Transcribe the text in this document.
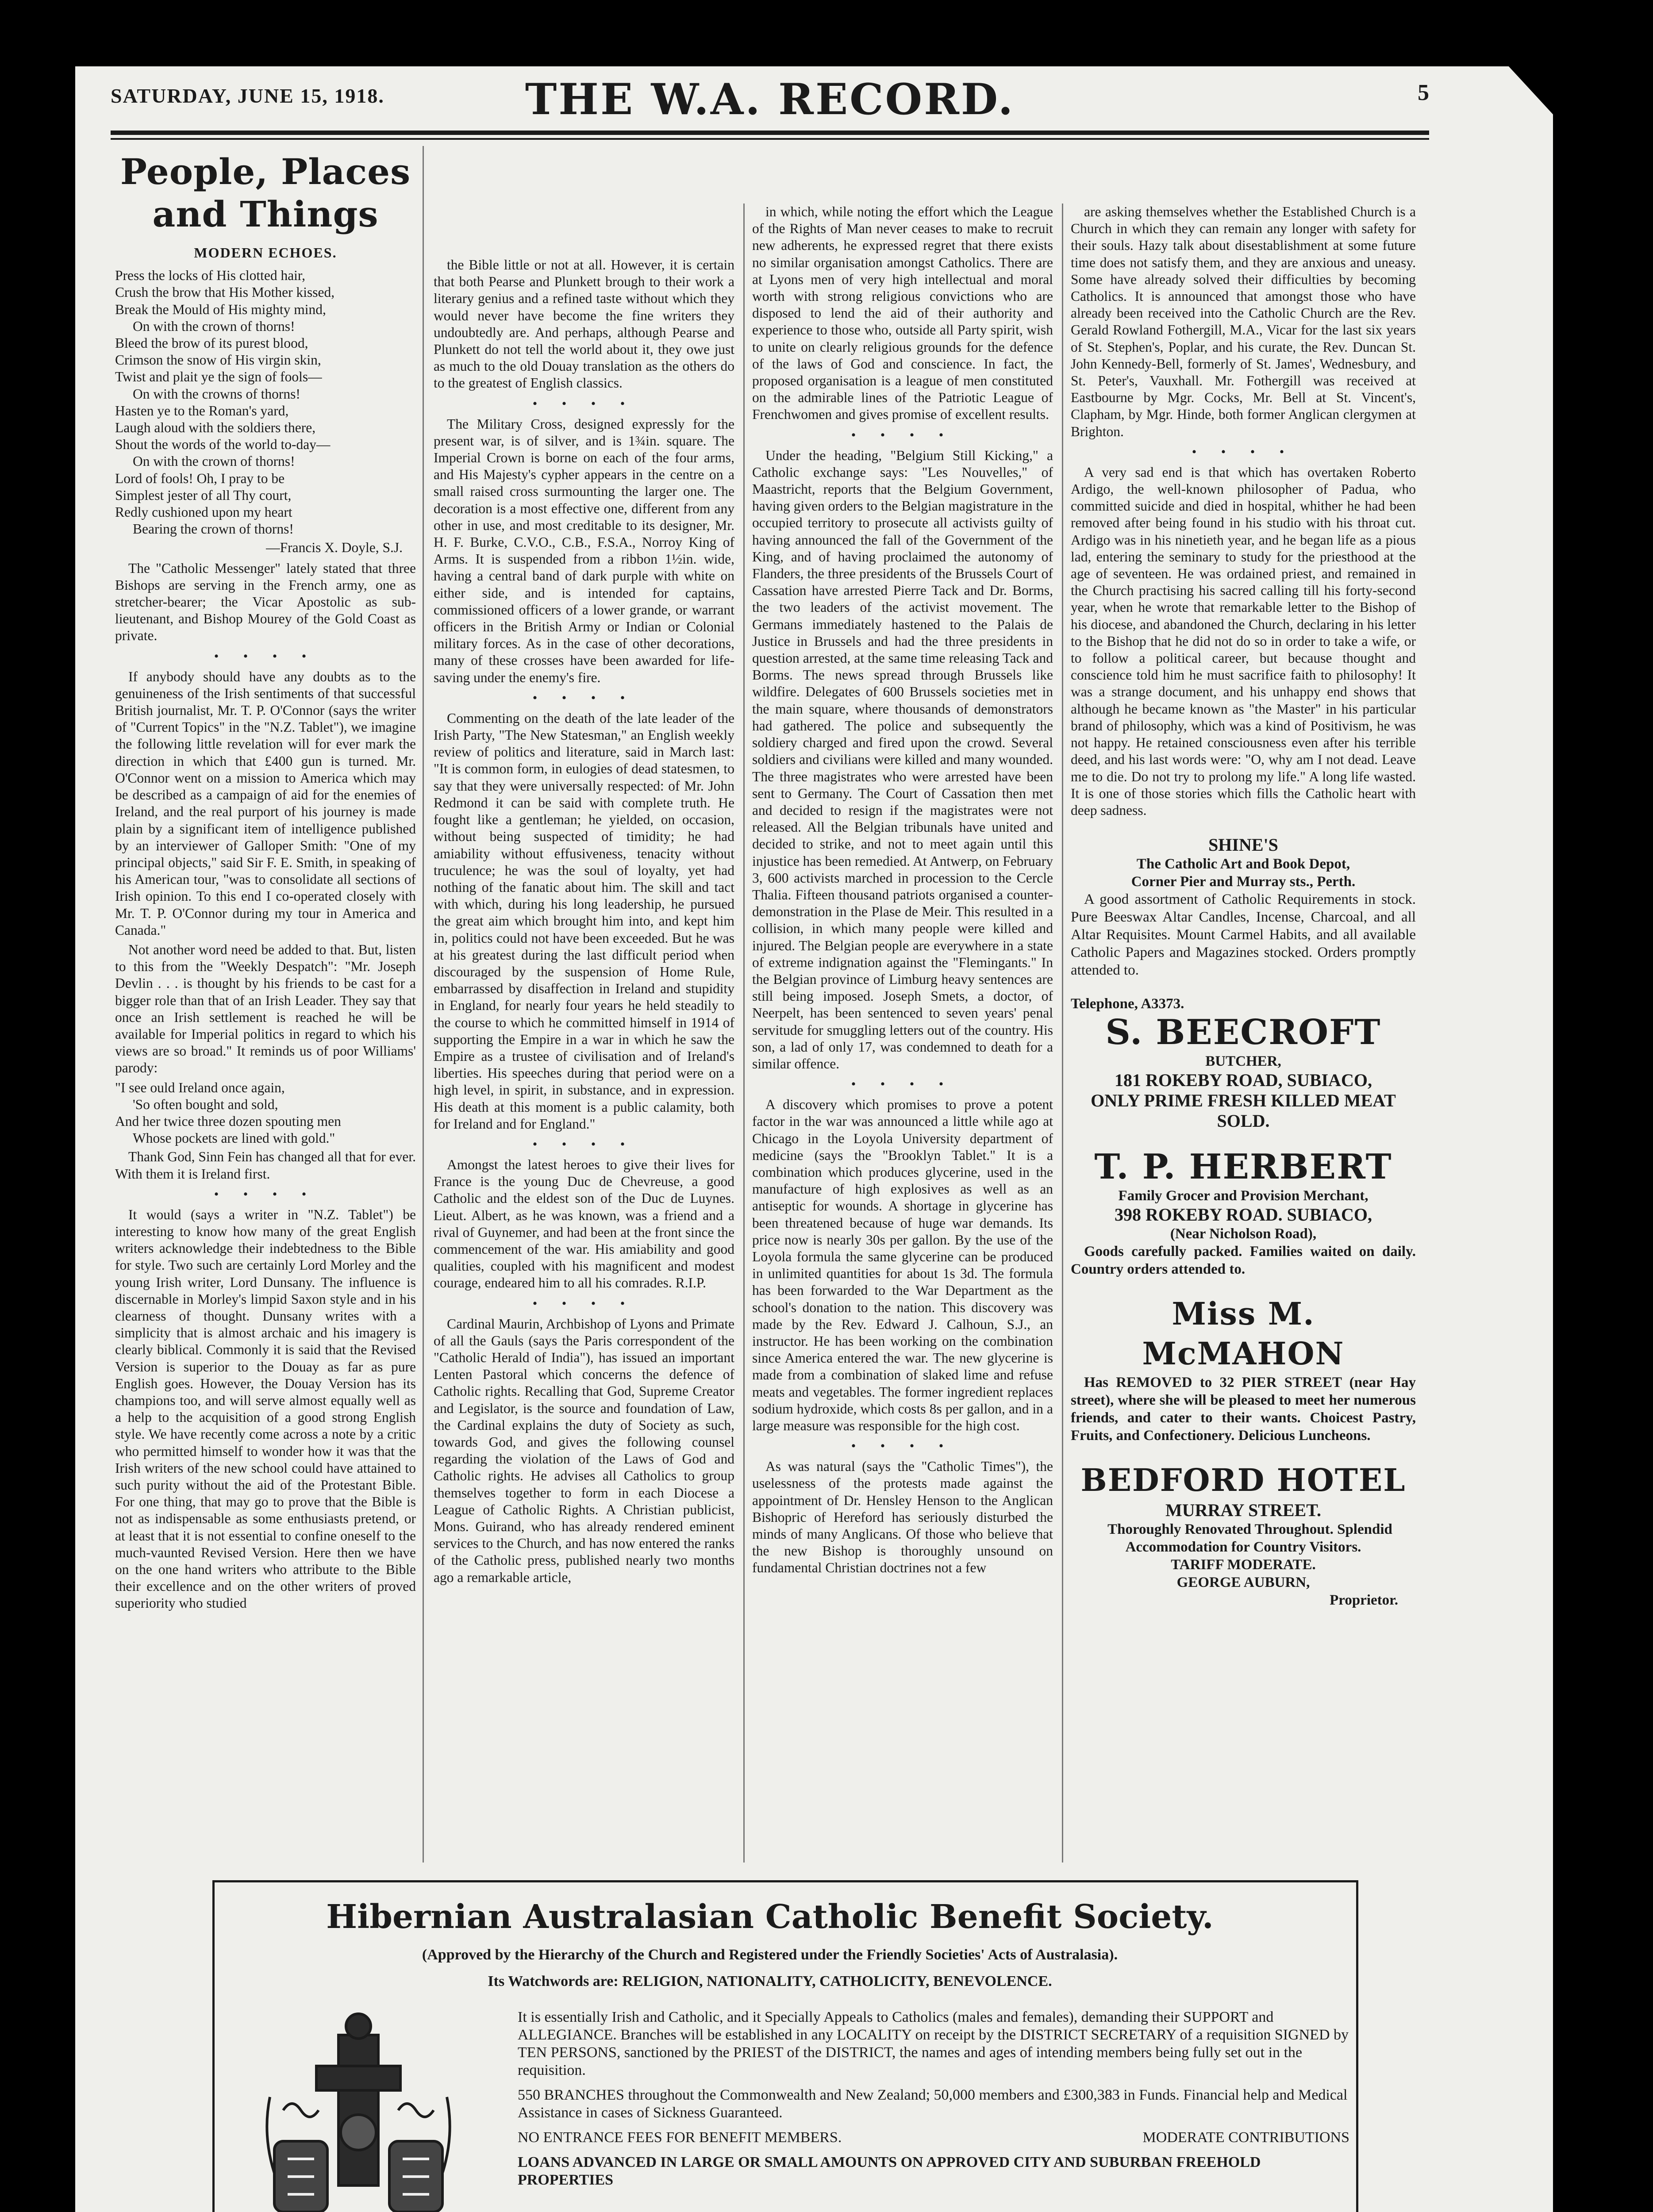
SATURDAY, JUNE 15, 1918.	THE W.A. RECORD.	5
People, Places and Things
MODERN ECHOES.

Press the locks of His clotted hair,
Crush the brow that His Mother kissed,
Break the Mould of His mighty mind,
On with the crown of thorns!
Bleed the brow of its purest blood,
Crimson the snow of His virgin skin,
Twist and plait ye the sign of fools—
On with the crowns of thorns!
Hasten ye to the Roman's yard,
Laugh aloud with the soldiers there,
Shout the words of the world to-day—
On with the crown of thorns!
Lord of fools! Oh, I pray to be
Simplest jester of all Thy court,
Redly cushioned upon my heart
Bearing the crown of thorns!

—Francis X. Doyle, S.J.

The "Catholic Messenger" lately stated that three Bishops are serving in the French army, one as stretcher-bearer; the Vicar Apostolic as sub-lieutenant, and Bishop Mourey of the Gold Coast as private.

• • • •

If anybody should have any doubts as to the genuineness of the Irish sentiments of that successful British journalist, Mr. T. P. O'Connor (says the writer of "Current Topics" in the "N.Z. Tablet"), we imagine the following little revelation will for ever mark the direction in which that £400 gun is turned. Mr. O'Connor went on a mission to America which may be described as a campaign of aid for the enemies of Ireland, and the real purport of his journey is made plain by a significant item of intelligence published by an interviewer of Galloper Smith: "One of my principal objects," said Sir F. E. Smith, in speaking of his American tour, "was to consolidate all sections of Irish opinion. To this end I co-operated closely with Mr. T. P. O'Connor during my tour in America and Canada."

Not another word need be added to that. But, listen to this from the "Weekly Despatch": "Mr. Joseph Devlin . . . is thought by his friends to be cast for a bigger role than that of an Irish Leader. They say that once an Irish settlement is reached he will be available for Imperial politics in regard to which his views are so broad." It reminds us of poor Williams' parody:

"I see ould Ireland once again,
'So often bought and sold,
And her twice three dozen spouting men
Whose pockets are lined with gold."

Thank God, Sinn Fein has changed all that for ever. With them it is Ireland first.

• • • •

It would (says a writer in "N.Z. Tablet") be interesting to know how many of the great English writers acknowledge their indebtedness to the Bible for style. Two such are certainly Lord Morley and the young Irish writer, Lord Dunsany. The influence is discernable in Morley's limpid Saxon style and in his clearness of thought. Dunsany writes with a simplicity that is almost archaic and his imagery is clearly biblical. Commonly it is said that the Revised Version is superior to the Douay as far as pure English goes. However, the Douay Version has its champions too, and will serve almost equally well as a help to the acquisition of a good strong English style. We have recently come across a note by a critic who permitted himself to wonder how it was that the Irish writers of the new school could have attained to such purity without the aid of the Protestant Bible. For one thing, that may go to prove that the Bible is not as indispensable as some enthusiasts pretend, or at least that it is not essential to confine oneself to the much-vaunted Revised Version. Here then we have on the one hand writers who attribute to the Bible their excellence and on the other writers of proved superiority who studied

the Bible little or not at all. However, it is certain that both Pearse and Plunkett brough to their work a literary genius and a refined taste without which they would never have become the fine writers they undoubtedly are. And perhaps, although Pearse and Plunkett do not tell the world about it, they owe just as much to the old Douay translation as the others do to the greatest of English classics.

• • • •

The Military Cross, designed expressly for the present war, is of silver, and is 1¾in. square. The Imperial Crown is borne on each of the four arms, and His Majesty's cypher appears in the centre on a small raised cross surmounting the larger one. The decoration is a most effective one, different from any other in use, and most creditable to its designer, Mr. H. F. Burke, C.V.O., C.B., F.S.A., Norroy King of Arms. It is suspended from a ribbon 1½in. wide, having a central band of dark purple with white on either side, and is intended for captains, commissioned officers of a lower grande, or warrant officers in the British Army or Indian or Colonial military forces. As in the case of other decorations, many of these crosses have been awarded for life-saving under the enemy's fire.

• • • •

Commenting on the death of the late leader of the Irish Party, "The New Statesman," an English weekly review of politics and literature, said in March last: "It is common form, in eulogies of dead statesmen, to say that they were universally respected: of Mr. John Redmond it can be said with complete truth. He fought like a gentleman; he yielded, on occasion, without being suspected of timidity; he had amiability without effusiveness, tenacity without truculence; he was the soul of loyalty, yet had nothing of the fanatic about him. The skill and tact with which, during his long leadership, he pursued the great aim which brought him into, and kept him in, politics could not have been exceeded. But he was at his greatest during the last difficult period when discouraged by the suspension of Home Rule, embarrassed by disaffection in Ireland and stupidity in England, for nearly four years he held steadily to the course to which he committed himself in 1914 of supporting the Empire in a war in which he saw the Empire as a trustee of civilisation and of Ireland's liberties. His speeches during that period were on a high level, in spirit, in substance, and in expression. His death at this moment is a public calamity, both for Ireland and for England."

• • • •

Amongst the latest heroes to give their lives for France is the young Duc de Chevreuse, a good Catholic and the eldest son of the Duc de Luynes. Lieut. Albert, as he was known, was a friend and a rival of Guynemer, and had been at the front since the commencement of the war. His amiability and good qualities, coupled with his magnificent and modest courage, endeared him to all his comrades. R.I.P.

• • • •

Cardinal Maurin, Archbishop of Lyons and Primate of all the Gauls (says the Paris correspondent of the "Catholic Herald of India"), has issued an important Lenten Pastoral which concerns the defence of Catholic rights. Recalling that God, Supreme Creator and Legislator, is the source and foundation of Law, the Cardinal explains the duty of Society as such, towards God, and gives the following counsel regarding the violation of the Laws of God and Catholic rights. He advises all Catholics to group themselves together to form in each Diocese a League of Catholic Rights. A Christian publicist, Mons. Guirand, who has already rendered eminent services to the Church, and has now entered the ranks of the Catholic press, published nearly two months ago a remarkable article,

in which, while noting the effort which the League of the Rights of Man never ceases to make to recruit new adherents, he expressed regret that there exists no similar organisation amongst Catholics. There are at Lyons men of very high intellectual and moral worth with strong religious convictions who are disposed to lend the aid of their authority and experience to those who, outside all Party spirit, wish to unite on clearly religious grounds for the defence of the laws of God and conscience. In fact, the proposed organisation is a league of men constituted on the admirable lines of the Patriotic League of Frenchwomen and gives promise of excellent results.

• • • •

Under the heading, "Belgium Still Kicking," a Catholic exchange says: "Les Nouvelles," of Maastricht, reports that the Belgium Government, having given orders to the Belgian magistrature in the occupied territory to prosecute all activists guilty of having announced the fall of the Government of the King, and of having proclaimed the autonomy of Flanders, the three presidents of the Brussels Court of Cassation have arrested Pierre Tack and Dr. Borms, the two leaders of the activist movement. The Germans immediately hastened to the Palais de Justice in Brussels and had the three presidents in question arrested, at the same time releasing Tack and Borms. The news spread through Brussels like wildfire. Delegates of 600 Brussels societies met in the main square, where thousands of demonstrators had gathered. The police and subsequently the soldiery charged and fired upon the crowd. Several soldiers and civilians were killed and many wounded. The three magistrates who were arrested have been sent to Germany. The Court of Cassation then met and decided to resign if the magistrates were not released. All the Belgian tribunals have united and decided to strike, and not to meet again until this injustice has been remedied. At Antwerp, on February 3, 600 activists marched in procession to the Cercle Thalia. Fifteen thousand patriots organised a counter-demonstration in the Plase de Meir. This resulted in a collision, in which many people were killed and injured. The Belgian people are everywhere in a state of extreme indignation against the "Flemingants." In the Belgian province of Limburg heavy sentences are still being imposed. Joseph Smets, a doctor, of Neerpelt, has been sentenced to seven years' penal servitude for smuggling letters out of the country. His son, a lad of only 17, was condemned to death for a similar offence.

• • • •

A discovery which promises to prove a potent factor in the war was announced a little while ago at Chicago in the Loyola University department of medicine (says the "Brooklyn Tablet." It is a combination which produces glycerine, used in the manufacture of high explosives as well as an antiseptic for wounds. A shortage in glycerine has been threatened because of huge war demands. Its price now is nearly 30s per gallon. By the use of the Loyola formula the same glycerine can be produced in unlimited quantities for about 1s 3d. The formula has been forwarded to the War Department as the school's donation to the nation. This discovery was made by the Rev. Edward J. Calhoun, S.J., an instructor. He has been working on the combination since America entered the war. The new glycerine is made from a combination of slaked lime and refuse meats and vegetables. The former ingredient replaces sodium hydroxide, which costs 8s per gallon, and in a large measure was responsible for the high cost.

• • • •

As was natural (says the "Catholic Times"), the uselessness of the protests made against the appointment of Dr. Hensley Henson to the Anglican Bishopric of Hereford has seriously disturbed the minds of many Anglicans. Of those who believe that the new Bishop is thoroughly unsound on fundamental Christian doctrines not a few

are asking themselves whether the Established Church is a Church in which they can remain any longer with safety for their souls. Hazy talk about disestablishment at some future time does not satisfy them, and they are anxious and uneasy. Some have already solved their difficulties by becoming Catholics. It is announced that amongst those who have already been received into the Catholic Church are the Rev. Gerald Rowland Fothergill, M.A., Vicar for the last six years of St. Stephen's, Poplar, and his curate, the Rev. Duncan St. John Kennedy-Bell, formerly of St. James', Wednesbury, and St. Peter's, Vauxhall. Mr. Fothergill was received at Eastbourne by Mgr. Cocks, Mr. Bell at St. Vincent's, Clapham, by Mgr. Hinde, both former Anglican clergymen at Brighton.

• • • •

A very sad end is that which has overtaken Roberto Ardigo, the well-known philosopher of Padua, who committed suicide and died in hospital, whither he had been removed after being found in his studio with his throat cut. Ardigo was in his ninetieth year, and he began life as a pious lad, entering the seminary to study for the priesthood at the age of seventeen. He was ordained priest, and remained in the Church practising his sacred calling till his forty-second year, when he wrote that remarkable letter to the Bishop of his diocese, and abandoned the Church, declaring in his letter to the Bishop that he did not do so in order to take a wife, or to follow a political career, but because thought and conscience told him he must sacrifice faith to philosophy! It was a strange document, and his unhappy end shows that although he became known as "the Master" in his particular brand of philosophy, which was a kind of Positivism, he was not happy. He retained consciousness even after his terrible deed, and his last words were: "O, why am I not dead. Leave me to die. Do not try to prolong my life." A long life wasted. It is one of those stories which fills the Catholic heart with deep sadness.

SHINE'S
The Catholic Art and Book Depot,
Corner Pier and Murray sts., Perth.

A good assortment of Catholic Requirements in stock. Pure Beeswax Altar Candles, Incense, Charcoal, and all Altar Requisites. Mount Carmel Habits, and all available Catholic Papers and Magazines stocked. Orders promptly attended to.

Telephone, A3373.
S. BEECROFT
BUTCHER,
181 ROKEBY ROAD, SUBIACO,
ONLY PRIME FRESH KILLED MEAT SOLD.
T. P. HERBERT
Family Grocer and Provision Merchant,
398 ROKEBY ROAD. SUBIACO,
(Near Nicholson Road),

Goods carefully packed. Families waited on daily. Country orders attended to.

Miss M. McMAHON

Has REMOVED to 32 PIER STREET (near Hay street), where she will be pleased to meet her numerous friends, and cater to their wants. Choicest Pastry, Fruits, and Confectionery. Delicious Luncheons.

BEDFORD HOTEL
MURRAY STREET.

Thoroughly Renovated Throughout. Splendid Accommodation for Country Visitors.

TARIFF MODERATE.
GEORGE AUBURN,
Proprietor.
Hibernian Australasian Catholic Benefit Society.
(Approved by the Hierarchy of the Church and Registered under the Friendly Societies' Acts of Australasia).
Its Watchwords are: RELIGION, NATIONALITY, CATHOLICITY, BENEVOLENCE.

It is essentially Irish and Catholic, and it Specially Appeals to Catholics (males and females), demanding their SUPPORT and ALLEGIANCE. Branches will be established in any LOCALITY on receipt by the DISTRICT SECRETARY of a requisition SIGNED by TEN PERSONS, sanctioned by the PRIEST of the DISTRICT, the names and ages of intending members being fully set out in the requisition.

550 BRANCHES throughout the Commonwealth and New Zealand; 50,000 members and £300,383 in Funds. Financial help and Medical Assistance in cases of Sickness Guaranteed.

NO ENTRANCE FEES FOR BENEFIT MEMBERS.	MODERATE CONTRIBUTIONS

LOANS ADVANCED IN LARGE OR SMALL AMOUNTS ON APPROVED CITY AND SUBURBAN FREEHOLD PROPERTIES
